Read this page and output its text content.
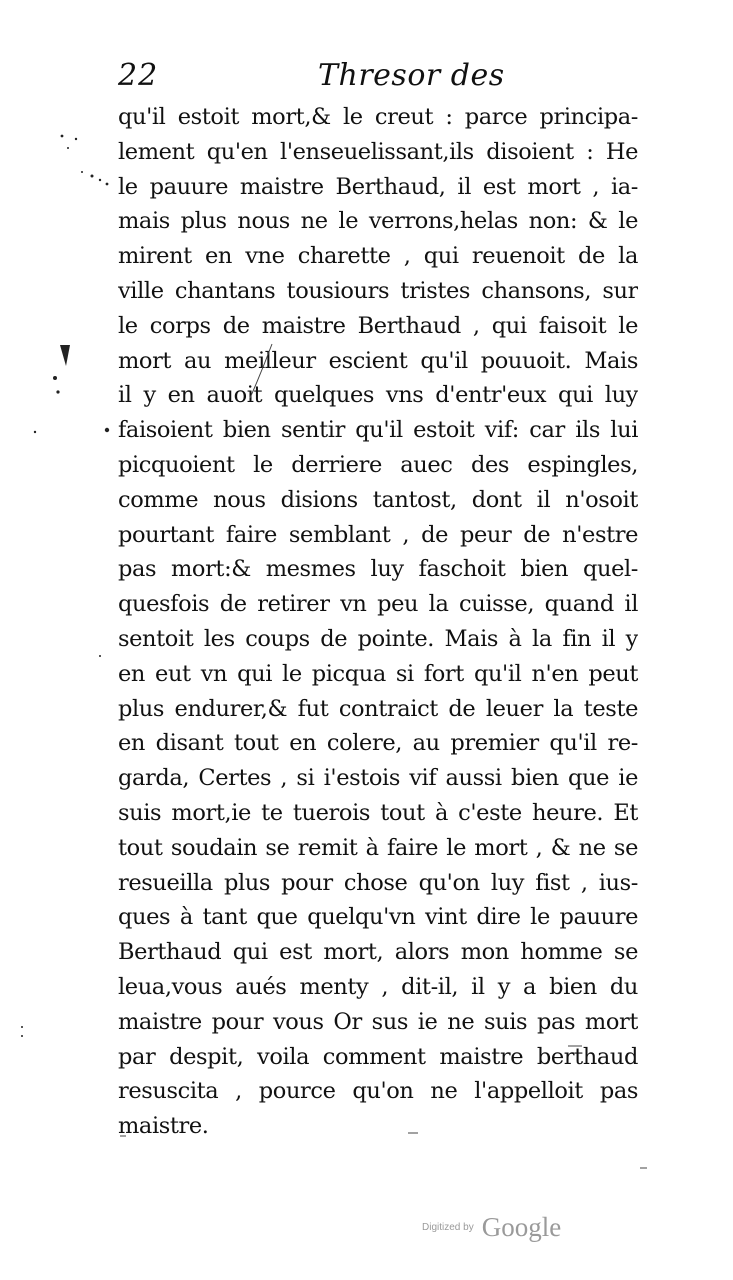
22	Thresor des
qu'il estoit mort,& le creut : parce principa-
lement qu'en l'enseuelissant,ils disoient : He
le pauure maistre Berthaud, il est mort , ia-
mais plus nous ne le verrons,helas non: & le
mirent en vne charette , qui reuenoit de la
ville chantans tousiours tristes chansons, sur
le corps de maistre Berthaud , qui faisoit le
mort au meilleur escient qu'il pouuoit. Mais
il y en auoit quelques vns d'entr'eux qui luy
faisoient bien sentir qu'il estoit vif: car ils lui
picquoient le derriere auec des espingles,
comme nous disions tantost, dont il n'osoit
pourtant faire semblant , de peur de n'estre
pas mort:& mesmes luy faschoit bien quel-
quesfois de retirer vn peu la cuisse, quand il
sentoit les coups de pointe. Mais à la fin il y
en eut vn qui le picqua si fort qu'il n'en peut
plus endurer,& fut contraict de leuer la teste
en disant tout en colere, au premier qu'il re-
garda, Certes , si i'estois vif aussi bien que ie
suis mort,ie te tuerois tout à c'este heure. Et
tout soudain se remit à faire le mort , & ne se
resueilla plus pour chose qu'on luy fist , ius-
ques à tant que quelqu'vn vint dire le pauure
Berthaud qui est mort, alors mon homme se
leua,vous aués menty , dit-il, il y a bien du
maistre pour vous Or sus ie ne suis pas mort
par despit, voila comment maistre berthaud
resuscita , pource qu'on ne l'appelloit pas
maistre.
Digitized by Google
